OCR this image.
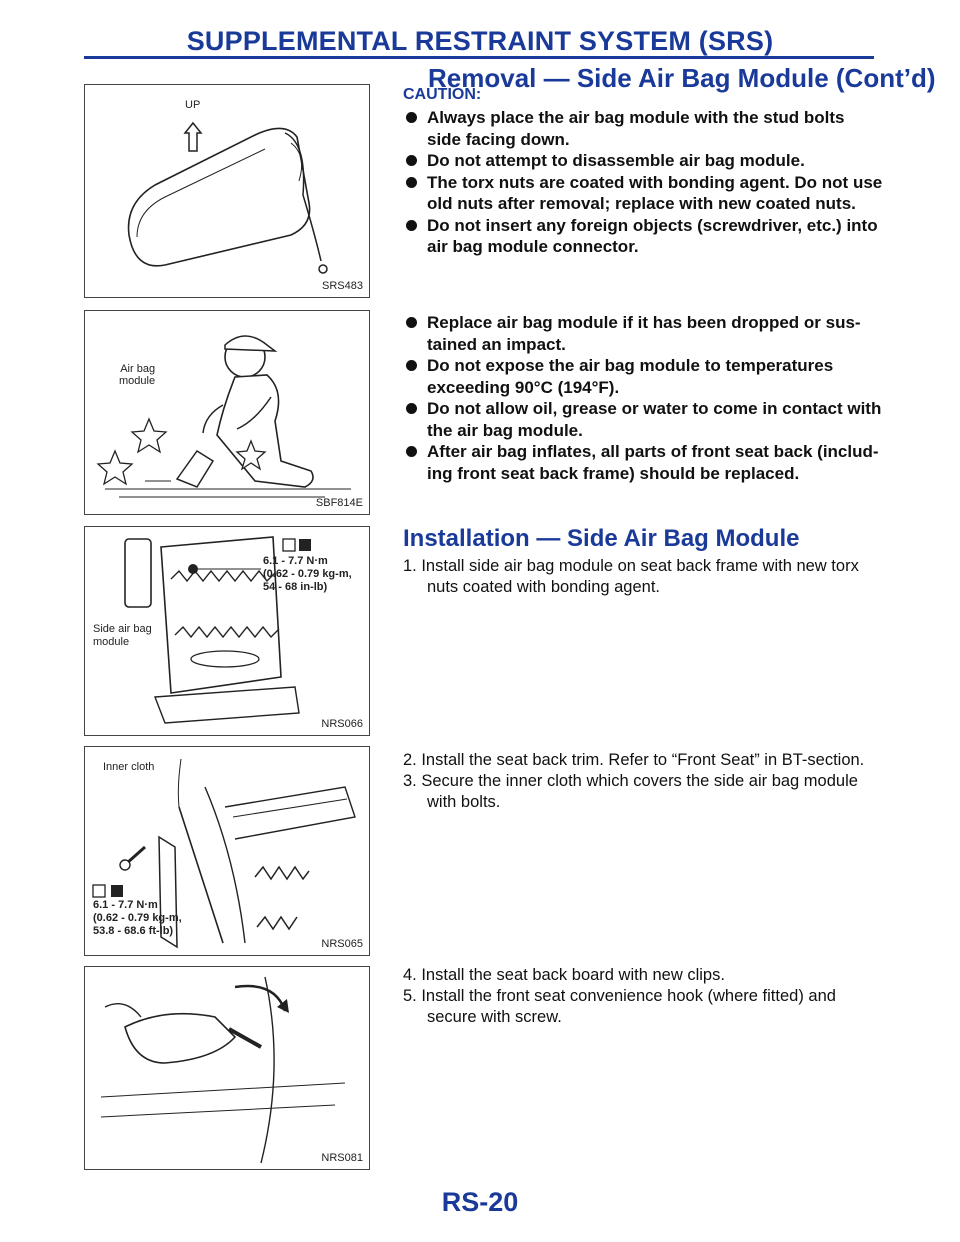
SUPPLEMENTAL RESTRAINT SYSTEM (SRS)
Removal — Side Air Bag Module (Cont’d)
UP
SRS483
Air bag
module
SBF814E
6.1 - 7.7 N·m
(0.62 - 0.79 kg-m,
54 - 68 in-lb)
Side air bag
module
NRS066
Inner cloth
6.1 - 7.7 N·m
(0.62 - 0.79 kg-m,
53.8 - 68.6 ft-lb)
NRS065
NRS081
CAUTION:
Always place the air bag module with the stud bolts side facing down.
Do not attempt to disassemble air bag module.
The torx nuts are coated with bonding agent. Do not use old nuts after removal; replace with new coated nuts.
Do not insert any foreign objects (screwdriver, etc.) into air bag module connector.
Replace air bag module if it has been dropped or sus- tained an impact.
Do not expose the air bag module to temperatures exceeding 90°C (194°F).
Do not allow oil, grease or water to come in contact with the air bag module.
After air bag inflates, all parts of front seat back (includ- ing front seat back frame) should be replaced.
Installation — Side Air Bag Module
1. Install side air bag module on seat back frame with new torx nuts coated with bonding agent.
2. Install the seat back trim. Refer to “Front Seat” in BT-section.
3. Secure the inner cloth which covers the side air bag module with bolts.
4. Install the seat back board with new clips.
5. Install the front seat convenience hook (where fitted) and secure with screw.
RS-20
